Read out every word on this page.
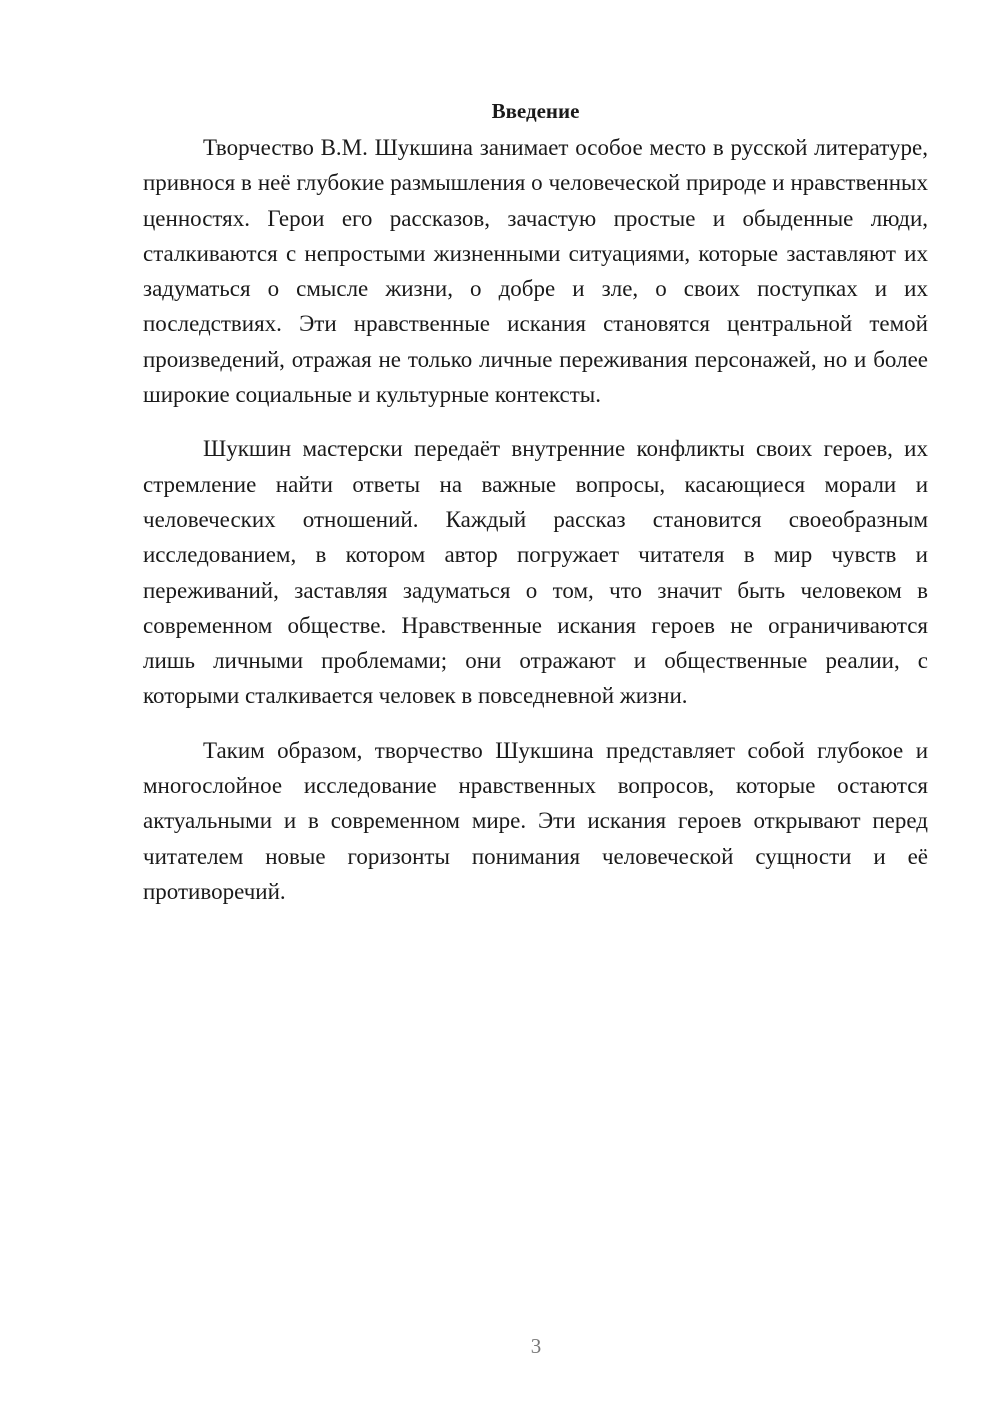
Введение

Творчество В.М. Шукшина занимает особое место в русской литературе, привнося в неё глубокие размышления о человеческой природе и нравственных ценностях. Герои его рассказов, зачастую простые и обыденные люди, сталкиваются с непростыми жизненными ситуациями, которые заставляют их задуматься о смысле жизни, о добре и зле, о своих поступках и их последствиях. Эти нравственные искания становятся центральной темой произведений, отражая не только личные переживания персонажей, но и более широкие социальные и культурные контексты.

Шукшин мастерски передаёт внутренние конфликты своих героев, их стремление найти ответы на важные вопросы, касающиеся морали и человеческих отношений. Каждый рассказ становится своеобразным исследованием, в котором автор погружает читателя в мир чувств и переживаний, заставляя задуматься о том, что значит быть человеком в современном обществе. Нравственные искания героев не ограничиваются лишь личными проблемами; они отражают и общественные реалии, с которыми сталкивается человек в повседневной жизни.

Таким образом, творчество Шукшина представляет собой глубокое и многослойное исследование нравственных вопросов, которые остаются актуальными и в современном мире. Эти искания героев открывают перед читателем новые горизонты понимания человеческой сущности и её противоречий.

3
